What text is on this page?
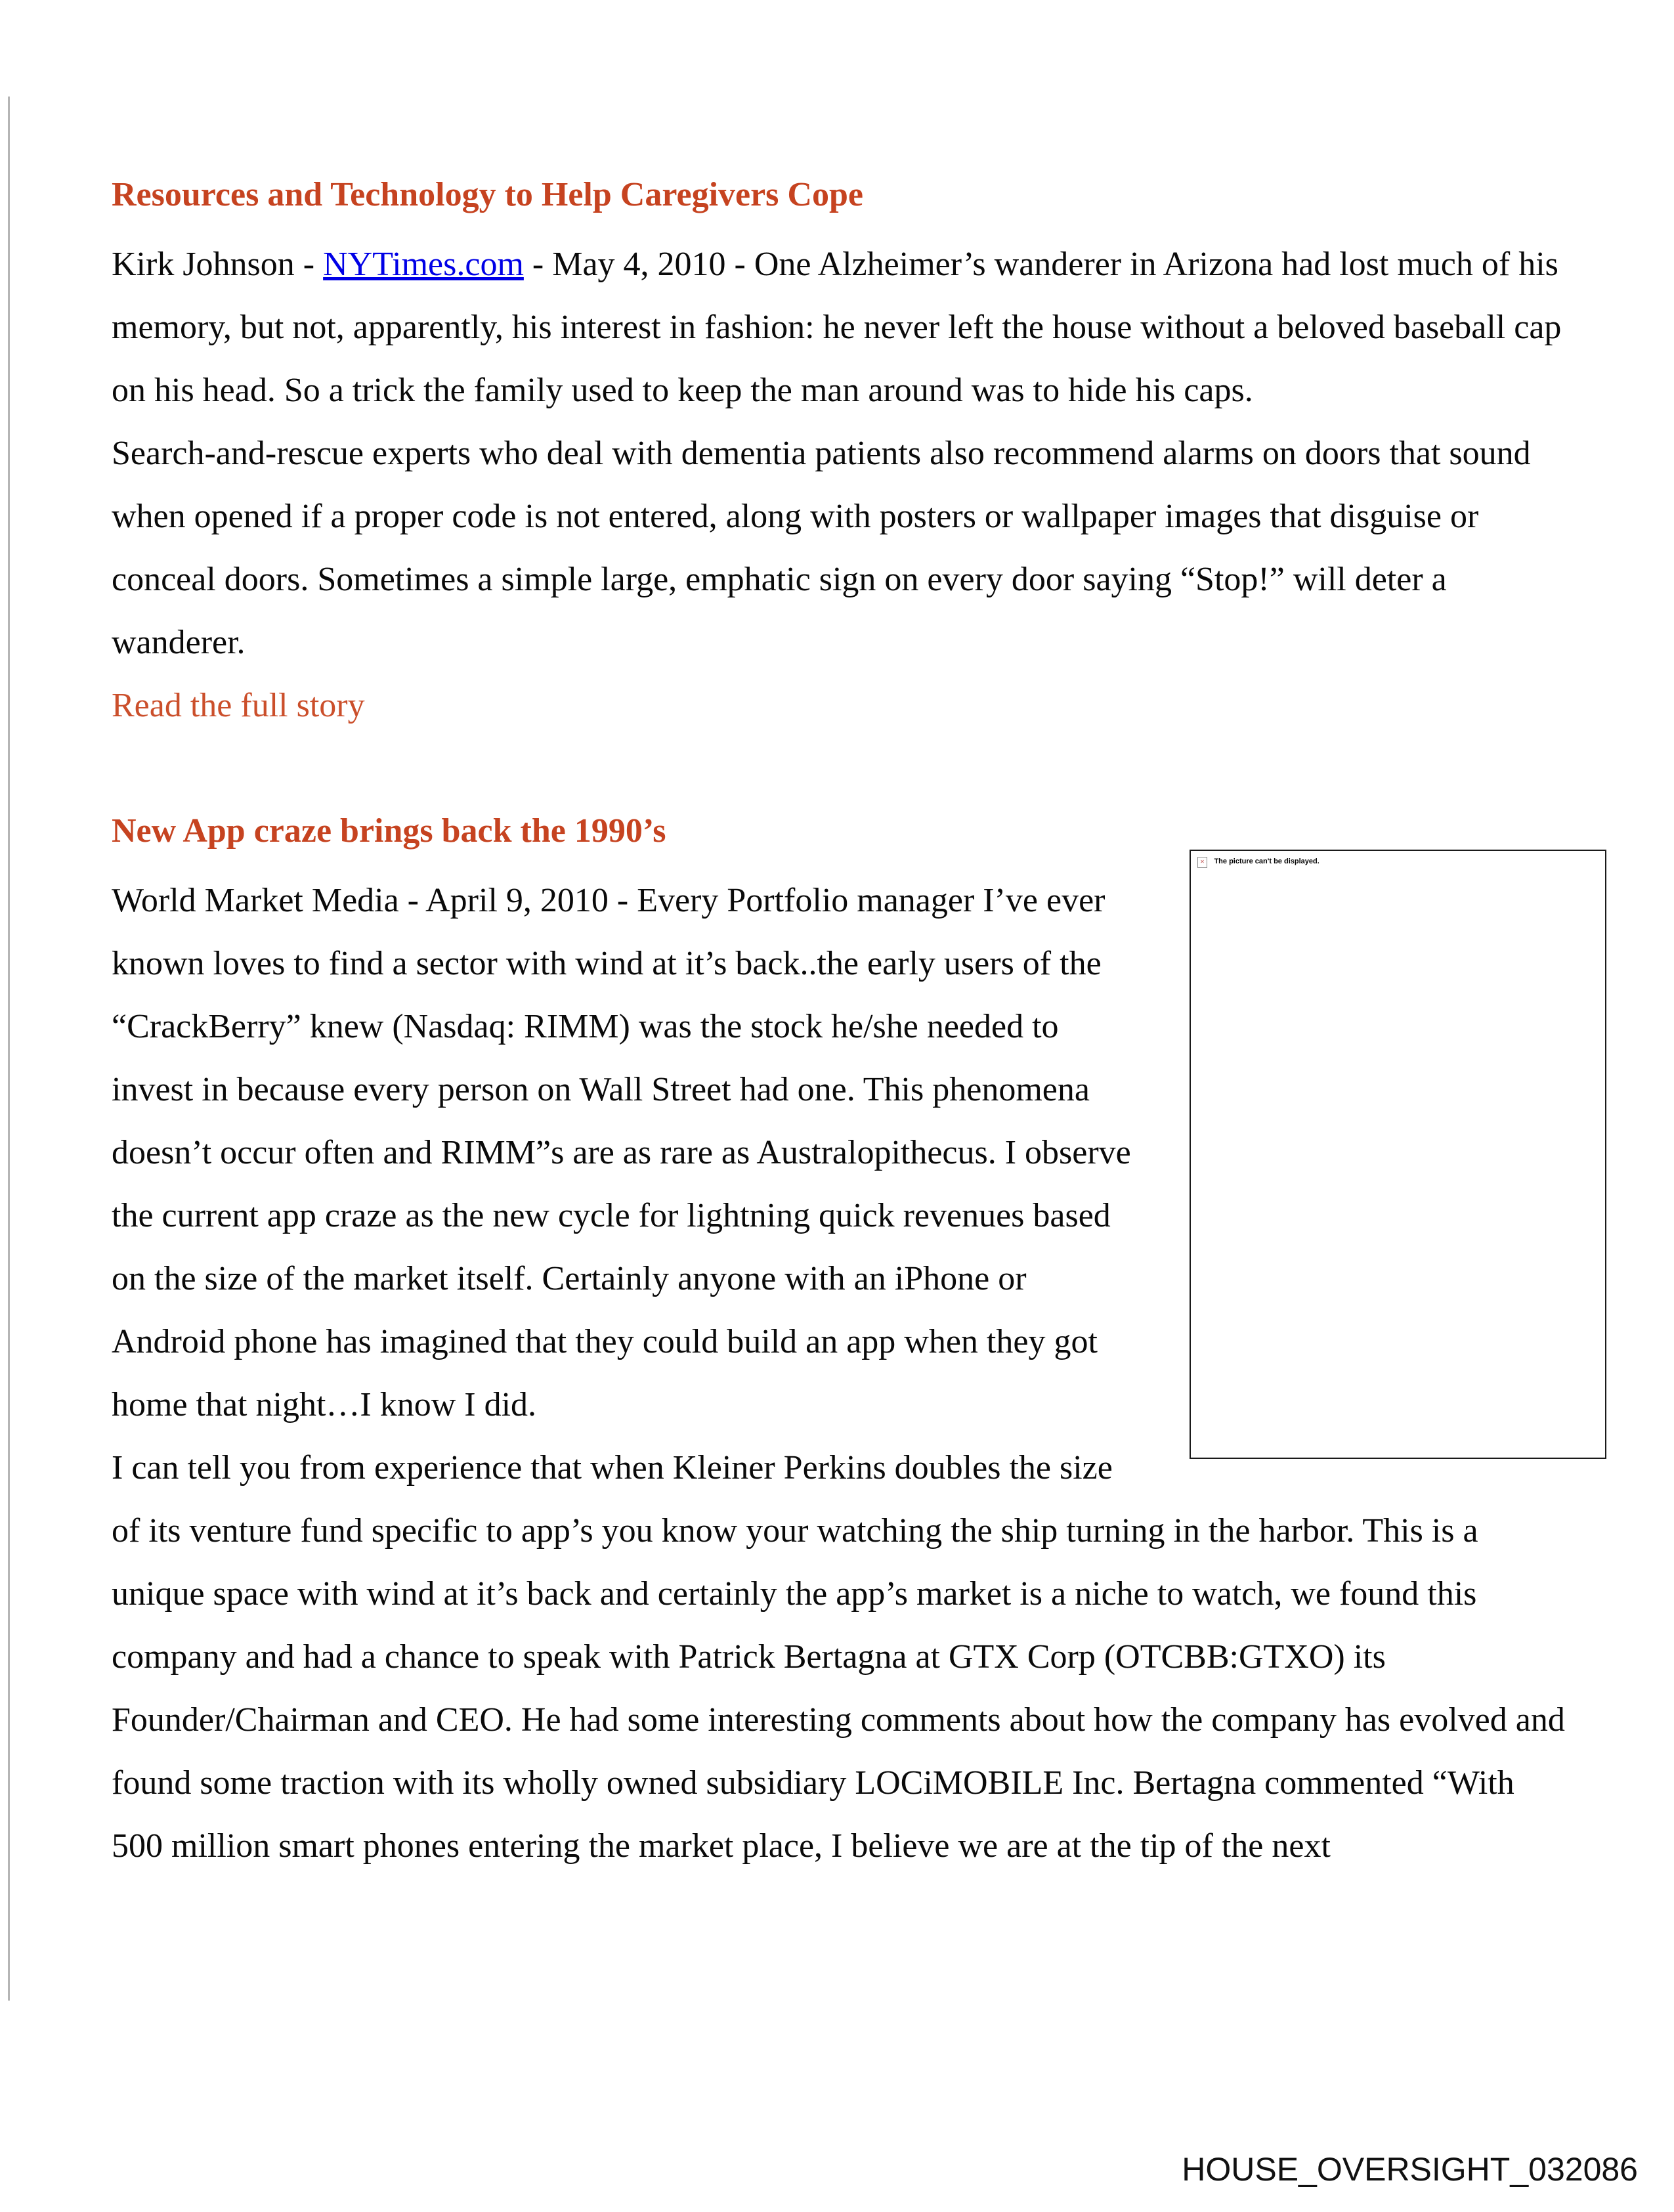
Resources and Technology to Help Caregivers Cope

Kirk Johnson - NYTimes.com - May 4, 2010 - One Alzheimer’s wanderer in Arizona had lost much of his memory, but not, apparently, his interest in fashion: he never left the house without a beloved baseball cap on his head. So a trick the family used to keep the man around was to hide his caps.

Search-and-rescue experts who deal with dementia patients also recommend alarms on doors that sound when opened if a proper code is not entered, along with posters or wallpaper images that disguise or conceal doors. Sometimes a simple large, emphatic sign on every door saying “Stop!” will deter a wanderer.

Read the full story

New App craze brings back the 1990’s
✕ The picture can't be displayed.

World Market Media - April 9, 2010 - Every Portfolio manager I’ve ever known loves to find a sector with wind at it’s back..the early users of the “CrackBerry” knew (Nasdaq: RIMM) was the stock he/she needed to invest in because every person on Wall Street had one. This phenomena doesn’t occur often and RIMM”s are as rare as Australopithecus. I observe the current app craze as the new cycle for lightning quick revenues based on the size of the market itself. Certainly anyone with an iPhone or Android phone has imagined that they could build an app when they got home that night…I know I did.

I can tell you from experience that when Kleiner Perkins doubles the size of its venture fund specific to app’s you know your watching the ship turning in the harbor. This is a unique space with wind at it’s back and certainly the app’s market is a niche to watch, we found this company and had a chance to speak with Patrick Bertagna at GTX Corp (OTCBB:GTXO) its Founder/Chairman and CEO. He had some interesting comments about how the company has evolved and found some traction with its wholly owned subsidiary LOCiMOBILE Inc. Bertagna commented “With 500 million smart phones entering the market place, I believe we are at the tip of the next

HOUSE_OVERSIGHT_032086
